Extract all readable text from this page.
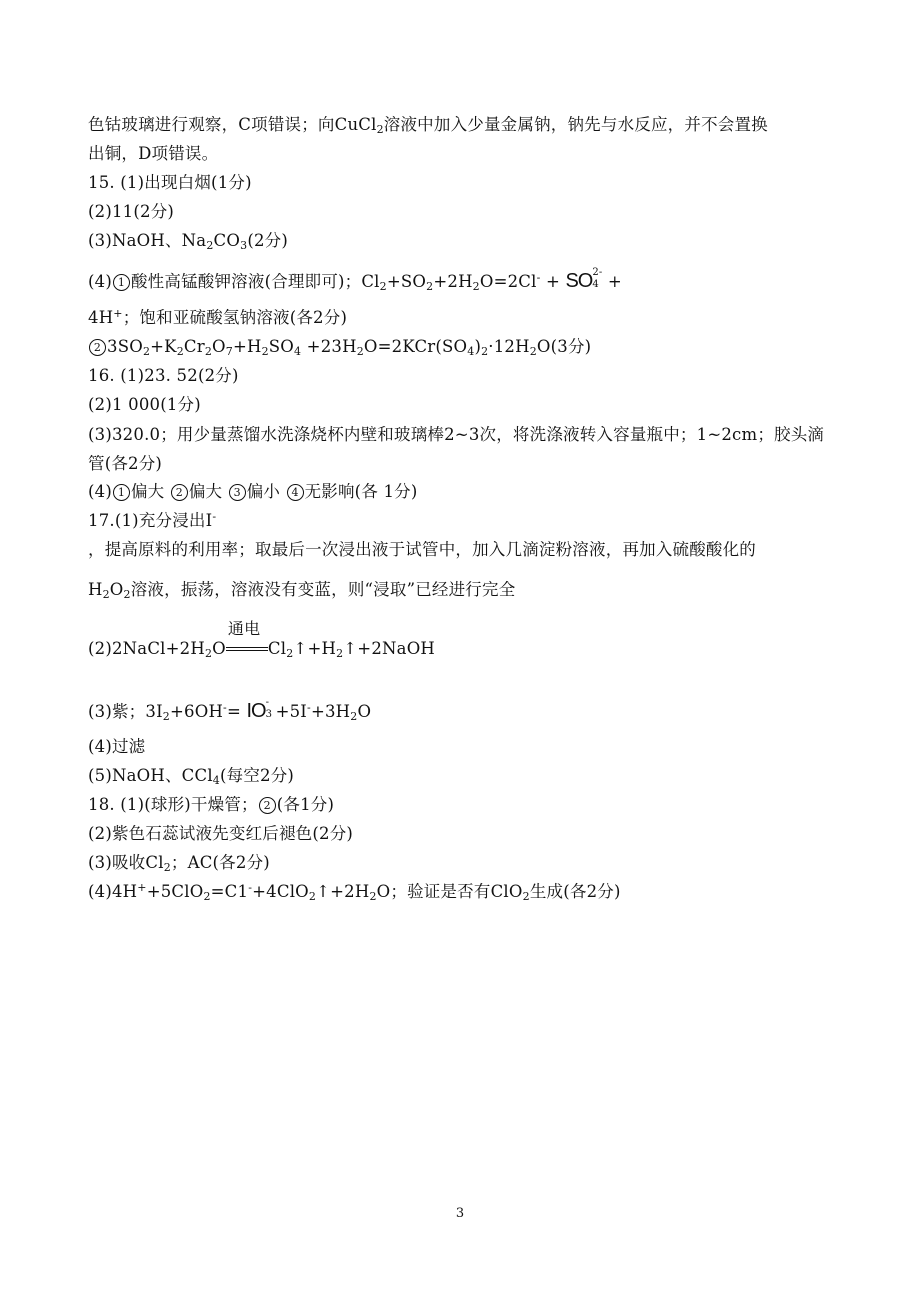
色钴玻璃进行观察，C项错误；向CuCl$_2$溶液中加入少量金属钠，钠先与水反应，并不会置换
出铜，D项错误。
15. (1)出现白烟(1分)
(2)11(2分)
(3)NaOH、$Na_2CO_3(2$分)
(4) 1 酸性高锰酸钾溶液(合理即可)；$Cl_2+SO_2+2H_2O=2Cl^-$ + SO 2-
4 +
4H+；饱和亚硫酸氢钠溶液(各2分)
2 $3SO_2+K_2Cr_2O_7+H_2SO_4 +23H_2O=2KCr(SO_4)_2\cdot 12H_2O(3$分)
16. (1)23. 52(2分)
(2)1 000(1分)
(3)320.0；用少量蒸馏水洗涤烧杯内壁和玻璃棒2~3次，将洗涤液转入容量瓶中；1~2cm；胶头滴管(各2分)
(4) 1 偏大 2 偏大 3 偏小 4 无影响(各 1分)
17.(1)充分浸出I-
，提高原料的利用率；取最后一次浸出液于试管中，加入几滴淀粉溶液，再加入硫酸酸化的
$H_2O_2$溶液，振荡，溶液没有变蓝，则“浸取”已经进行完全
$(2)2NaCl+2H_2O$
通电
$Cl_2↑+H_2↑+2NaOH$
(3)紫；$3I_2+6OH^-=$ IO -
$3 +5I^-+3H_2O$
(4)过滤
(5)NaOH、CCl$_4$(每空2分)
18. (1)(球形)干燥管； 2 (各1分)
(2)紫色石蕊试液先变红后褪色(2分)
(3)吸收$Cl_2$；AC(各2分)
$(4)4H^++5ClO_2=C1^-+4ClO_2↑+2H_2O$；验证是否有ClO$_2$生成(各2分)
3
